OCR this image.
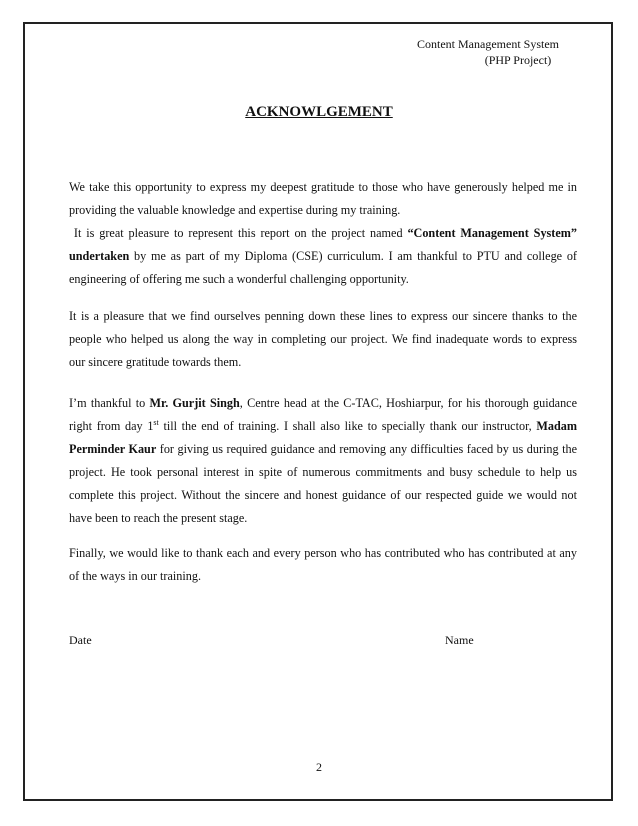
Content Management System
(PHP Project)
ACKNOWLGEMENT
We take this opportunity to express my deepest gratitude to those who have generously helped me in providing the valuable knowledge and expertise during my training.
It is great pleasure to represent this report on the project named “Content Management System” undertaken by me as part of my Diploma (CSE) curriculum. I am thankful to PTU and college of engineering of offering me such a wonderful challenging opportunity.
It is a pleasure that we find ourselves penning down these lines to express our sincere thanks to the people who helped us along the way in completing our project. We find inadequate words to express our sincere gratitude towards them.
I’m thankful to Mr. Gurjit Singh, Centre head at the C-TAC, Hoshiarpur, for his thorough guidance right from day 1st till the end of training. I shall also like to specially thank our instructor, Madam Perminder Kaur for giving us required guidance and removing any difficulties faced by us during the project. He took personal interest in spite of numerous commitments and busy schedule to help us complete this project. Without the sincere and honest guidance of our respected guide we would not have been to reach the present stage.
Finally, we would like to thank each and every person who has contributed who has contributed at any of the ways in our training.
Date	Name
2
